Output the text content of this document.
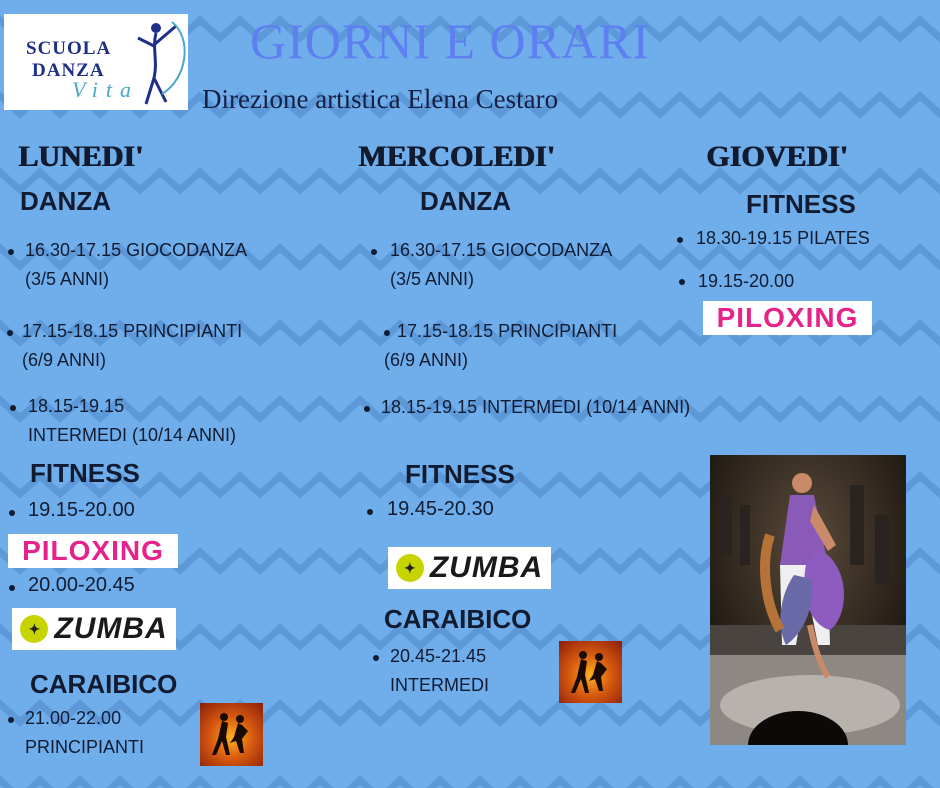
SCUOLA
DANZA
Vita
GIORNI E ORARI
Direzione artistica Elena Cestaro
LUNEDI'
DANZA
16.30-17.15 GIOCODANZA
(3/5 ANNI)
17.15-18.15 PRINCIPIANTI
(6/9 ANNI)
18.15-19.15
INTERMEDI (10/14 ANNI)
FITNESS
19.15-20.00
PILOXING
20.00-20.45
✦ ZUMBA
CARAIBICO
21.00-22.00
PRINCIPIANTI
MERCOLEDI'
DANZA
16.30-17.15 GIOCODANZA
(3/5 ANNI)
17.15-18.15 PRINCIPIANTI
(6/9 ANNI)
18.15-19.15 INTERMEDI (10/14 ANNI)
FITNESS
19.45-20.30
✦ ZUMBA
CARAIBICO
20.45-21.45
INTERMEDI
GIOVEDI'
FITNESS
18.30-19.15 PILATES
19.15-20.00
PILOXING
